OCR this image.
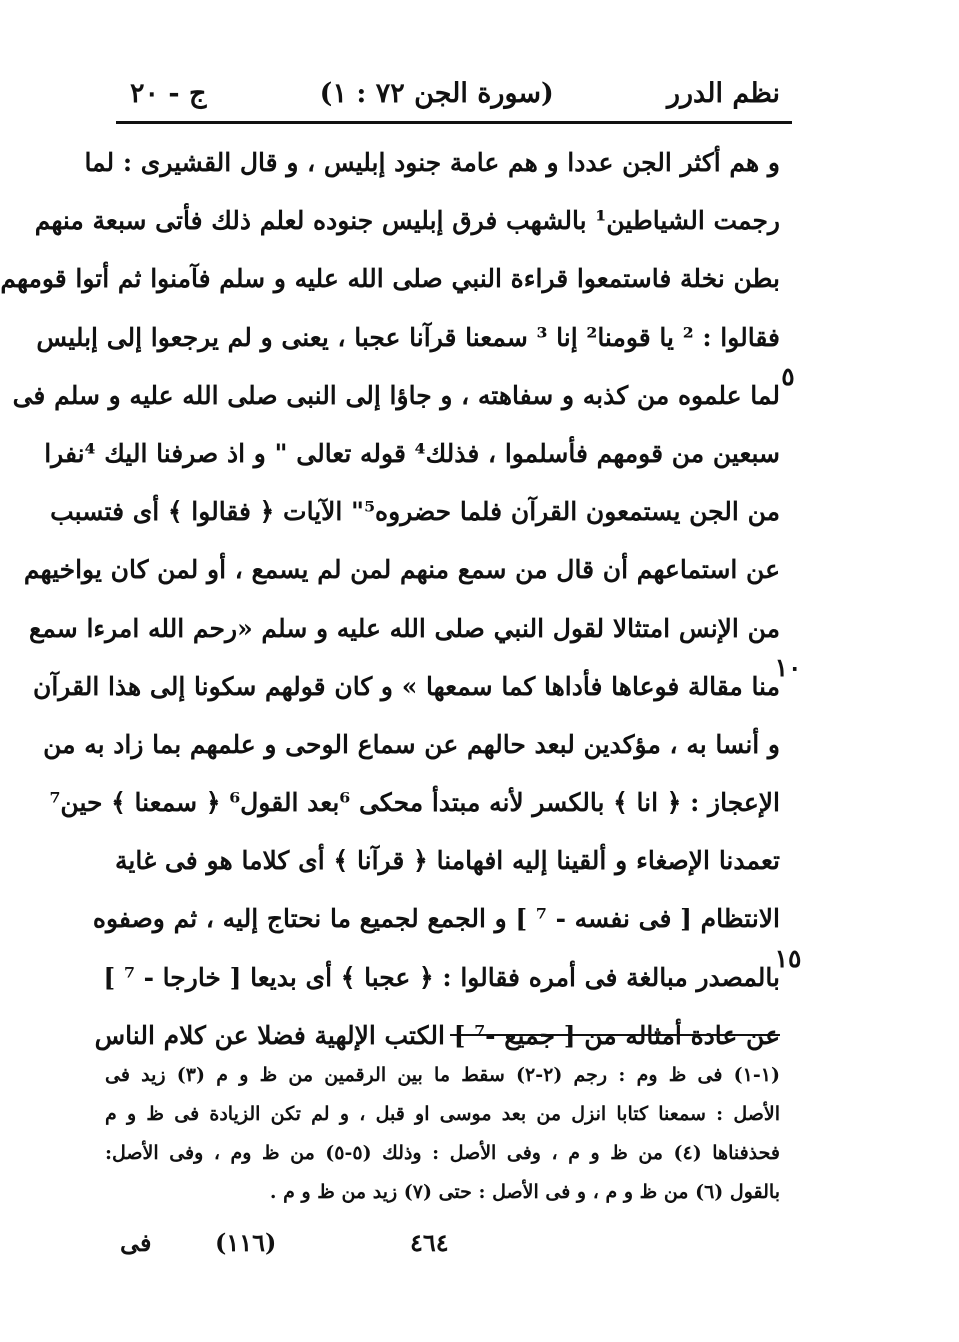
نظم الدرر
(سورة الجن ٧٢ : ١)
ج - ٢٠
و هم أكثر الجن عددا و هم عامة جنود إبليس ، و قال القشيرى : لما
رجمت الشياطين¹ بالشهب فرق إبليس جنوده لعلم ذلك فأتى سبعة منهم
بطن نخلة فاستمعوا قراءة النبي صلى الله عليه و سلم فآمنوا ثم أتوا قومهم
فقالوا : ² يا قومنا² إنا ³ سمعنا قرآنا عجبا ، يعنى و لم يرجعوا إلى إبليس
لما علموه من كذبه و سفاهته ، و جاؤا إلى النبى صلى الله عليه و سلم فى
سبعين من قومهم فأسلموا ، فذلك⁴ قوله تعالى " و اذ صرفنا اليك ⁴نفرا
من الجن يستمعون القرآن فلما حضروه⁵" الآيات ﴿ فقالوا ﴾ أى فتسبب
عن استماعهم أن قال من سمع منهم لمن لم يسمع ، أو لمن كان يواخيهم
من الإنس امتثالا لقول النبي صلى الله عليه و سلم «رحم الله امرءا سمع
منا مقالة فوعاها فأداها كما سمعها » و كان قولهم سكونا إلى هذا القرآن
و أنسا به ، مؤكدين لبعد حالهم عن سماع الوحى و علمهم بما زاد به من
الإعجاز : ﴿ انا ﴾ بالكسر لأنه مبتدأ محكى ⁶بعد القول⁶ ﴿ سمعنا ﴾ حين⁷
تعمدنا الإصغاء و ألقينا إليه افهامنا ﴿ قرآنا ﴾ أى كلاما هو فى غاية
الانتظام [ فى نفسه - ⁷ ] و الجمع لجميع ما نحتاج إليه ، ثم وصفوه
بالمصدر مبالغة فى أمره فقالوا : ﴿ عجبا ﴾ أى بديعا [ خارجا - ⁷ ]
عن عادة أمثاله من [ جميع -⁷ ] الكتب الإلهية فضلا عن كلام الناس
٥
١٠
١٥
(١-١) فى ظ وم : رجم (٢-٢) سقط ما بين الرقمين من ظ و م (٣) زيد فى
الأصل : سمعنا كتابا انزل من بعد موسى او قبل ، و لم تكن الزيادة فى ظ و م
فحذفناها (٤) من ظ و م ، وفى الأصل : وذلك (٥-٥) من ظ وم ، وفى الأصل:
بالقول (٦) من ظ و م ، و فى الأصل : حتى (٧) زيد من ظ و م .
فى	(١١٦)	٤٦٤
